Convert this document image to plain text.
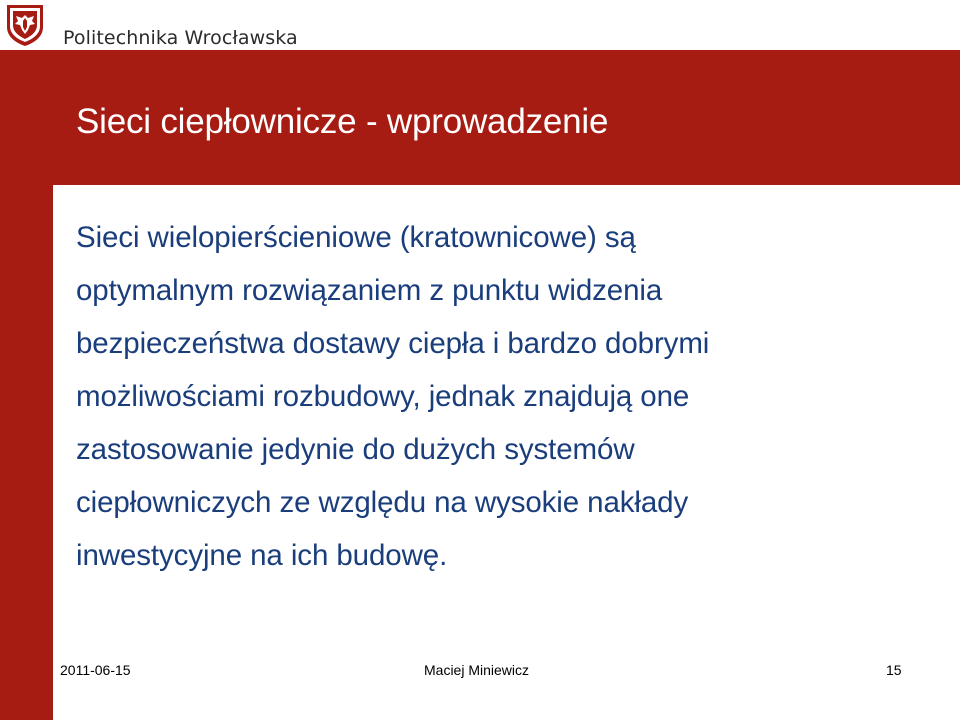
Politechnika Wrocławska
Sieci ciepłownicze - wprowadzenie
Sieci wielopierścieniowe (kratownicowe) są
optymalnym rozwiązaniem z punktu widzenia
bezpieczeństwa dostawy ciepła i bardzo dobrymi
możliwościami rozbudowy, jednak znajdują one
zastosowanie jedynie do dużych systemów
ciepłowniczych ze względu na wysokie nakłady
inwestycyjne na ich budowę.
2011-06-15	Maciej Miniewicz	15
